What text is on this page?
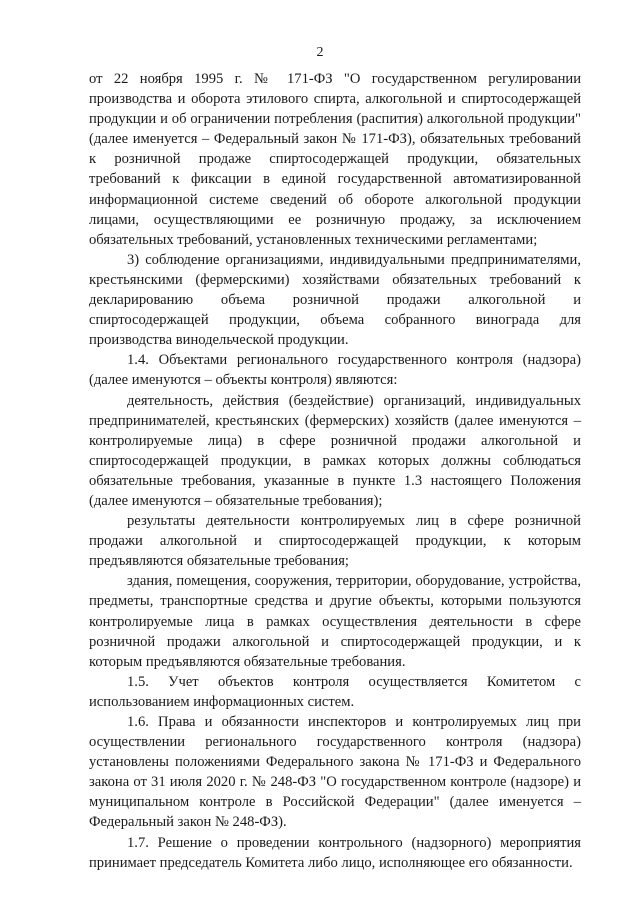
2

от 22 ноября 1995 г. № 171-ФЗ "О государственном регулировании производства и оборота этилового спирта, алкогольной и спиртосодержащей продукции и об ограничении потребления (распития) алкогольной продукции" (далее именуется – Федеральный закон № 171-ФЗ), обязательных требований к розничной продаже спиртосодержащей продукции, обязательных требований к фиксации в единой государственной автоматизированной информационной системе сведений об обороте алкогольной продукции лицами, осуществляющими ее розничную продажу, за исключением обязательных требований, установленных техническими регламентами;

3) соблюдение организациями, индивидуальными предпринимателями, крестьянскими (фермерскими) хозяйствами обязательных требований к декларированию объема розничной продажи алкогольной и спиртосодержащей продукции, объема собранного винограда для производства винодельческой продукции.

1.4. Объектами регионального государственного контроля (надзора) (далее именуются – объекты контроля) являются:

деятельность, действия (бездействие) организаций, индивидуальных предпринимателей, крестьянских (фермерских) хозяйств (далее именуются – контролируемые лица) в сфере розничной продажи алкогольной и спиртосодержащей продукции, в рамках которых должны соблюдаться обязательные требования, указанные в пункте 1.3 настоящего Положения (далее именуются – обязательные требования);

результаты деятельности контролируемых лиц в сфере розничной продажи алкогольной и спиртосодержащей продукции, к которым предъявляются обязательные требования;

здания, помещения, сооружения, территории, оборудование, устройства, предметы, транспортные средства и другие объекты, которыми пользуются контролируемые лица в рамках осуществления деятельности в сфере розничной продажи алкогольной и спиртосодержащей продукции, и к которым предъявляются обязательные требования.

1.5. Учет объектов контроля осуществляется Комитетом с использованием информационных систем.

1.6. Права и обязанности инспекторов и контролируемых лиц при осуществлении регионального государственного контроля (надзора) установлены положениями Федерального закона № 171-ФЗ и Федерального закона от 31 июля 2020 г. № 248-ФЗ "О государственном контроле (надзоре) и муниципальном контроле в Российской Федерации" (далее именуется – Федеральный закон № 248-ФЗ).

1.7. Решение о проведении контрольного (надзорного) мероприятия принимает председатель Комитета либо лицо, исполняющее его обязанности.
